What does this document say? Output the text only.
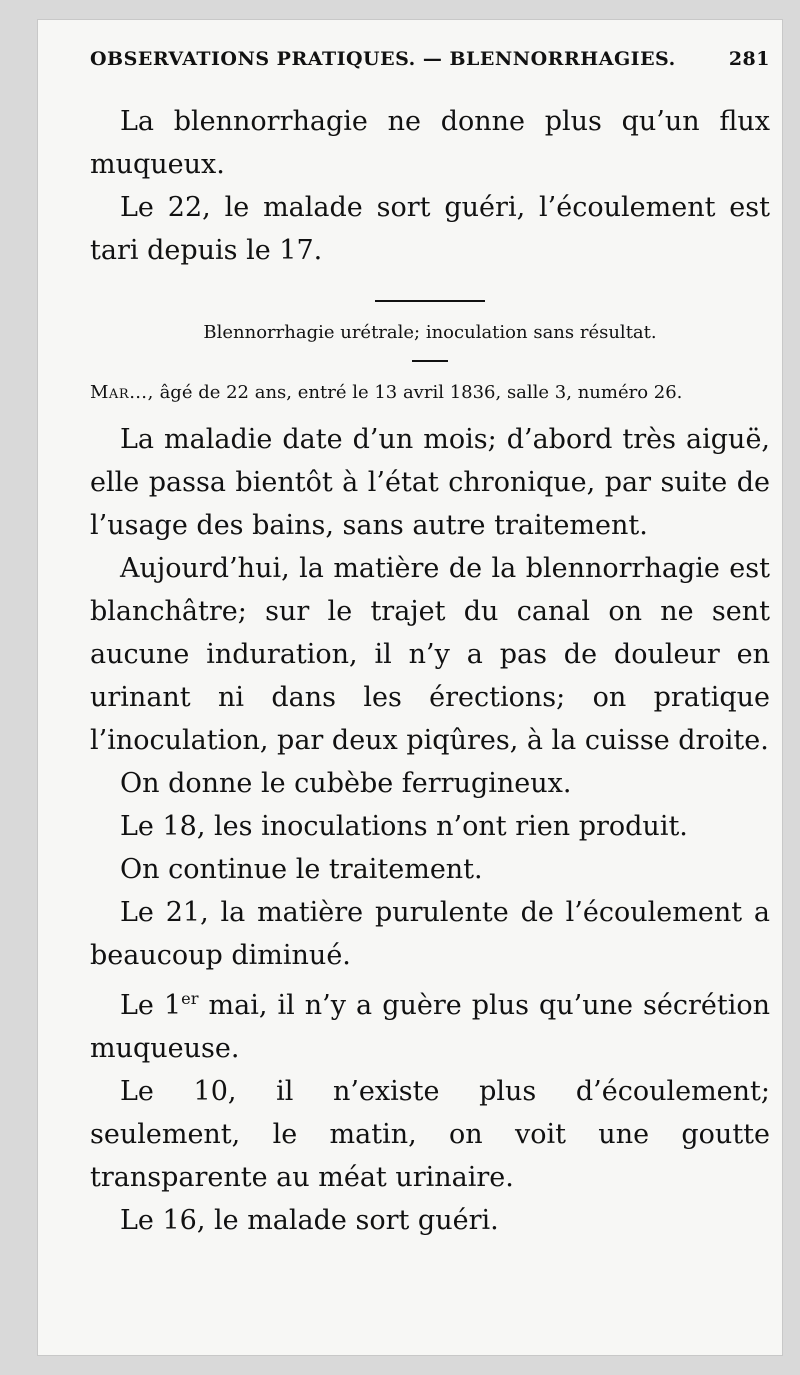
OBSERVATIONS PRATIQUES. — BLENNORRHAGIES.	281

La blennorrhagie ne donne plus qu’un flux muqueux.

Le 22, le malade sort guéri, l’écoulement est tari depuis le 17.

Blennorrhagie urétrale; inoculation sans résultat.
Mar…, âgé de 22 ans, entré le 13 avril 1836, salle 3, numéro 26.

La maladie date d’un mois; d’abord très aiguë, elle passa bientôt à l’état chronique, par suite de l’usage des bains, sans autre traitement.

Aujourd’hui, la matière de la blennorrhagie est blanchâtre; sur le trajet du canal on ne sent aucune induration, il n’y a pas de douleur en urinant ni dans les érections; on pratique l’inoculation, par deux piqûres, à la cuisse droite.

On donne le cubèbe ferrugineux.

Le 18, les inoculations n’ont rien produit.

On continue le traitement.

Le 21, la matière purulente de l’écoulement a beaucoup diminué.

Le 1er mai, il n’y a guère plus qu’une sécrétion muqueuse.

Le 10, il n’existe plus d’écoulement; seulement, le matin, on voit une goutte transparente au méat urinaire.

Le 16, le malade sort guéri.
